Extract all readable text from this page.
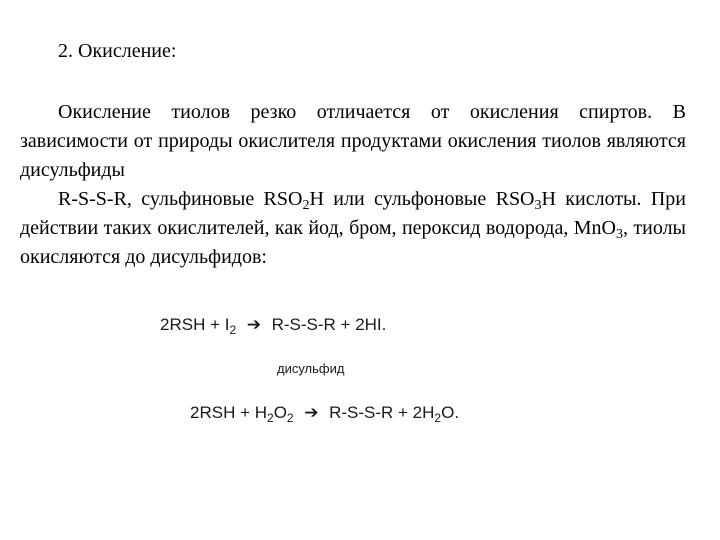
2. Окисление:

Окисление тиолов резко отличается от окисления спиртов. В зависимости от природы окислителя продуктами окисления тиолов являются дисульфиды

R-S-S-R, сульфиновые $RSO_2H$ или сульфоновые $RSO_3H$ кислоты. При действии таких окислителей, как йод, бром, пероксид водорода, MnO$_3$, тиолы окисляются до дисульфидов:

$2RSH + I_2$ ➔ R-S-S-R + 2HI.
дисульфид
$2RSH + H_2O_2$ ➔ $R-S-S-R + 2H_2O$.
